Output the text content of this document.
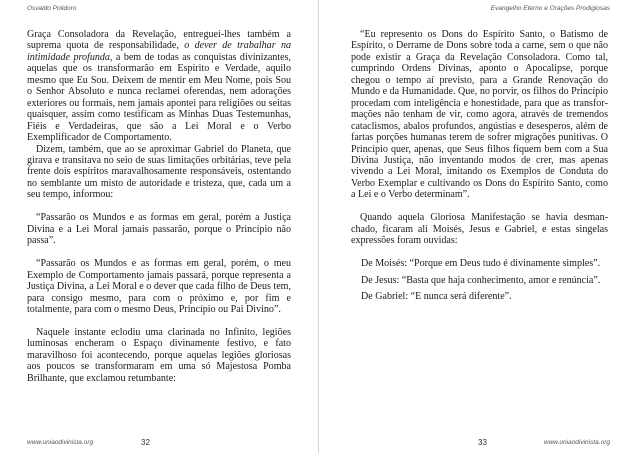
Osvaldo Polidoro

Graça Consoladora da Revelação, entreguei-lhes também a suprema quota de responsabilidade, o dever de trabalhar na intimidade profunda, a bem de todas as conquistas divinizantes, aquelas que os transformarão em Espírito e Verdade, aquilo mesmo que Eu Sou. Deixem de mentir em Meu Nome, pois Sou o Senhor Absoluto e nunca reclamei oferendas, nem adorações exteriores ou formais, nem jamais apontei para religiões ou seitas quaisquer, assim como testificam as Minhas Duas Testemunhas, Fiéis e Verdadeiras, que são a Lei Moral e o Verbo Exemplificador de Comportamento.

Dizem, também, que ao se aproximar Gabriel do Planeta, que girava e transitava no seio de suas limitações orbitárias, teve pela frente dois espíritos maravalhosamente responsáveis, ostentando no semblante um misto de autoridade e tristeza, que, cada um a seu tempo, informou:

“Passarão os Mundos e as formas em geral, porém a Justiça Divina e a Lei Moral jamais passarão, porque o Princípio não passa”.

“Passarão os Mundos e as formas em geral, porém, o meu Exemplo de Comportamento jamais passará, porque representa a Justiça Divina, a Lei Moral e o dever que cada filho de Deus tem, para consigo mesmo, para com o próximo e, por fim e totalmente, para com o mesmo Deus, Princípio ou Pai Divino”.

Naquele instante eclodiu uma clarinada no Infinito, legiões luminosas encheram o Espaço divinamente festivo, e fato maravilhoso foi acontecendo, porque aquelas legiões gloriosas aos poucos se transformaram em uma só Majestosa Pomba Brilhante, que exclamou retumbante:

www.uniaodivinista.org	32
Evangelho Eterno e Orações Prodigiosas

“Eu represento os Dons do Espírito Santo, o Batismo de Espírito, o Derrame de Dons sobre toda a carne, sem o que não pode existir a Graça da Revelação Consoladora. Como tal, cumprindo Ordens Divinas, aponto o Apocalipse, porque chegou o tempo aí previsto, para a Grande Renovação do Mundo e da Humanidade. Que, no porvir, os filhos do Princípio procedam com inteligência e honestidade, para que as transformações não tenham de vir, como agora, através de tremendos cataclismos, abalos profundos, angústias e desesperos, além de fartas porções humanas terem de sofrer migrações punitivas. O Princípio quer, apenas, que Seus filhos fiquem bem com a Sua Divina Justiça, não inventando modos de crer, mas apenas vivendo a Lei Moral, imitando os Exemplos de Conduta do Verbo Exemplar e cultivando os Dons do Espírito Santo, como a Lei e o Verbo determinam”.

Quando aquela Gloriosa Manifestação se havia desmanchado, ficaram ali Moisés, Jesus e Gabriel, e estas singelas expressões foram ouvidas:

De Moisés: “Porque em Deus tudo é divinamente simples”.

De Jesus: “Basta que haja conhecimento, amor e renúncia”.

De Gabriel: “E nunca será diferente”.

33	www.uniaodivinista.org
